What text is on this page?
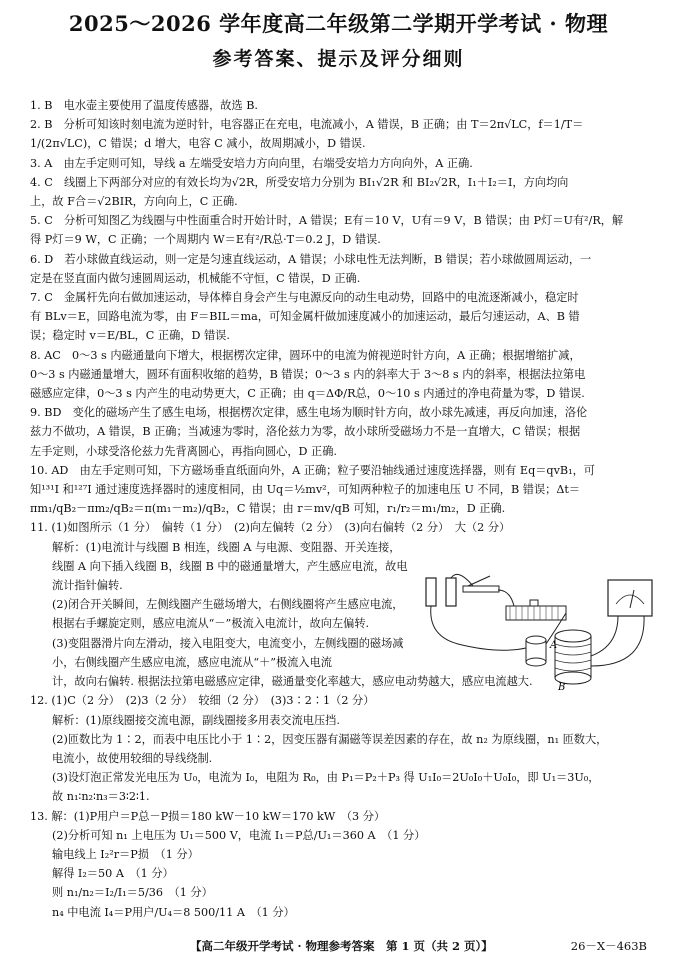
2025～2026 学年度高二年级第二学期开学考试 · 物理
参考答案、提示及评分细则

1. B　电水壶主要使用了温度传感器，故选 B.

2. B　分析可知该时刻电流为逆时针，电容器正在充电，电流减小，A 错误，B 正确；由 T＝2π√LC，f＝1/T＝

1/(2π√LC)，C 错误；d 增大，电容 C 减小，故周期减小，D 错误.

3. A　由左手定则可知，导线 a 左端受安培力方向向里，右端受安培力方向向外，A 正确.

4. C　线圈上下两部分对应的有效长均为√2R，所受安培力分别为 BI₁√2R 和 BI₂√2R，I₁＋I₂＝I，方向均向

上，故 F合＝√2BIR，方向向上，C 正确.

5. C　分析可知图乙为线圈与中性面重合时开始计时，A 错误；E有＝10 V，U有＝9 V，B 错误；由 P灯＝U有²/R，解

得 P灯＝9 W，C 正确；一个周期内 W＝E有²/R总·T＝0.2 J，D 错误.

6. D　若小球做直线运动，则一定是匀速直线运动，A 错误；小球电性无法判断，B 错误；若小球做圆周运动，一

定是在竖直面内做匀速圆周运动，机械能不守恒，C 错误，D 正确.

7. C　金属杆先向右做加速运动，导体棒自身会产生与电源反向的动生电动势，回路中的电流逐渐减小，稳定时

有 BLv＝E，回路电流为零，由 F＝BIL＝ma，可知金属杆做加速度减小的加速运动，最后匀速运动，A、B 错

误；稳定时 v＝E/BL，C 正确，D 错误.

8. AC　0～3 s 内磁通量向下增大，根据楞次定律，圆环中的电流为俯视逆时针方向，A 正确；根据增缩扩减，

0～3 s 内磁通量增大，圆环有面积收缩的趋势，B 错误；0～3 s 内的斜率大于 3～8 s 内的斜率，根据法拉第电

磁感应定律，0～3 s 内产生的电动势更大，C 正确；由 q＝ΔΦ/R总，0～10 s 内通过的净电荷量为零，D 错误.

9. BD　变化的磁场产生了感生电场，根据楞次定律，感生电场为顺时针方向，故小球先减速，再反向加速，洛伦

兹力不做功，A 错误，B 正确；当减速为零时，洛伦兹力为零，故小球所受磁场力不是一直增大，C 错误；根据

左手定则，小球受洛伦兹力先背离圆心，再指向圆心，D 正确.

10. AD　由左手定则可知，下方磁场垂直纸面向外，A 正确；粒子要沿轴线通过速度选择器，则有 Eq＝qvB₁，可

知¹³¹I 和¹²⁷I 通过速度选择器时的速度相同，由 Uq＝½mv²，可知两种粒子的加速电压 U 不同，B 错误；Δt＝

πm₁/qB₂－πm₂/qB₂＝π(m₁－m₂)/qB₂，C 错误；由 r＝mv/qB 可知，r₁/r₂＝m₁/m₂，D 正确.

11. (1)如图所示（1 分）　偏转（1 分）　(2)向左偏转（2 分）　(3)向右偏转（2 分）　大（2 分）

解析：(1)电流计与线圈 B 相连，线圈 A 与电源、变阻器、开关连接，线圈 A 向下插入线圈 B，线圈 B 中的磁通量增大，产生感应电流，故电流计指针偏转.

(2)闭合开关瞬间，左侧线圈产生磁场增大，右侧线圈将产生感应电流，根据右手螺旋定则，感应电流从“－”极流入电流计，故向左偏转.

(3)变阻器滑片向左滑动，接入电阻变大，电流变小，左侧线圈的磁场减小，右侧线圈产生感应电流，感应电流从“＋”极流入电流

计，故向右偏转. 根据法拉第电磁感应定律，磁通量变化率越大，感应电动势越大，感应电流越大.

12. (1)C（2 分）　(2)3（2 分）　较细（2 分）　(3)3∶2∶1（2 分）

解析：(1)原线圈接交流电源，副线圈接多用表交流电压挡.

(2)匝数比为 1∶2，而表中电压比小于 1∶2，因变压器有漏磁等误差因素的存在，故 n₂ 为原线圈，n₁ 匝数大，

电流小，故使用较细的导线绕制.

(3)设灯泡正常发光电压为 U₀，电流为 I₀，电阻为 R₀，由 P₁＝P₂＋P₃ 得 U₁I₀＝2U₀I₀＋U₀I₀，即 U₁＝3U₀，

故 n₁∶n₂∶n₃＝3∶2∶1.

13. 解：(1)P用户＝P总－P损＝180 kW－10 kW＝170 kW　（3 分）

(2)分析可知 n₁ 上电压为 U₁＝500 V，电流 I₁＝P总/U₁＝360 A　（1 分）

输电线上 I₂²r＝P损　（1 分）

解得 I₂＝50 A　（1 分）

则 n₁/n₂＝I₂/I₁＝5/36　（1 分）

n₄ 中电流 I₄＝P用户/U₄＝8 500/11 A　（1 分）

A
B
【高二年级开学考试 · 物理参考答案　第 1 页（共 2 页）】	26－X－463B
